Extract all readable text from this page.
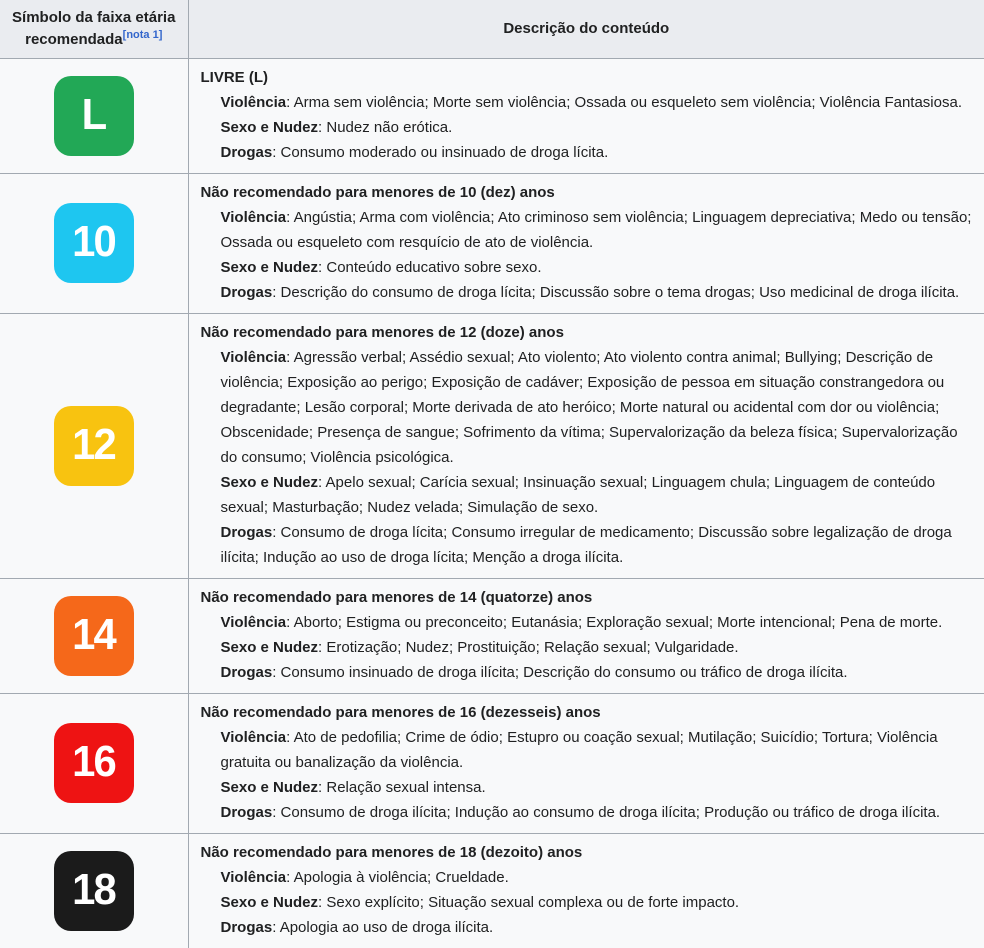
Símbolo da faixa etária recomendada[nota 1]	Descrição do conteúdo

L	LIVRE (L)
Violência: Arma sem violência; Morte sem violência; Ossada ou esqueleto sem violência; Violência Fantasiosa.
Sexo e Nudez: Nudez não erótica.
Drogas: Consumo moderado ou insinuado de droga lícita.

10	Não recomendado para menores de 10 (dez) anos
Violência: Angústia; Arma com violência; Ato criminoso sem violência; Linguagem depreciativa; Medo ou tensão; Ossada ou esqueleto com resquício de ato de violência.
Sexo e Nudez: Conteúdo educativo sobre sexo.
Drogas: Descrição do consumo de droga lícita; Discussão sobre o tema drogas; Uso medicinal de droga ilícita.

12	Não recomendado para menores de 12 (doze) anos
Violência: Agressão verbal; Assédio sexual; Ato violento; Ato violento contra animal; Bullying; Descrição de violência; Exposição ao perigo; Exposição de cadáver; Exposição de pessoa em situação constrangedora ou degradante; Lesão corporal; Morte derivada de ato heróico; Morte natural ou acidental com dor ou violência; Obscenidade; Presença de sangue; Sofrimento da vítima; Supervalorização da beleza física; Supervalorização do consumo; Violência psicológica.
Sexo e Nudez: Apelo sexual; Carícia sexual; Insinuação sexual; Linguagem chula; Linguagem de conteúdo sexual; Masturbação; Nudez velada; Simulação de sexo.
Drogas: Consumo de droga lícita; Consumo irregular de medicamento; Discussão sobre legalização de droga ilícita; Indução ao uso de droga lícita; Menção a droga ilícita.

14	Não recomendado para menores de 14 (quatorze) anos
Violência: Aborto; Estigma ou preconceito; Eutanásia; Exploração sexual; Morte intencional; Pena de morte.
Sexo e Nudez: Erotização; Nudez; Prostituição; Relação sexual; Vulgaridade.
Drogas: Consumo insinuado de droga ilícita; Descrição do consumo ou tráfico de droga ilícita.

16	Não recomendado para menores de 16 (dezesseis) anos
Violência: Ato de pedofilia; Crime de ódio; Estupro ou coação sexual; Mutilação; Suicídio; Tortura; Violência gratuita ou banalização da violência.
Sexo e Nudez: Relação sexual intensa.
Drogas: Consumo de droga ilícita; Indução ao consumo de droga ilícita; Produção ou tráfico de droga ilícita.

18	Não recomendado para menores de 18 (dezoito) anos
Violência: Apologia à violência; Crueldade.
Sexo e Nudez: Sexo explícito; Situação sexual complexa ou de forte impacto.
Drogas: Apologia ao uso de droga ilícita.
